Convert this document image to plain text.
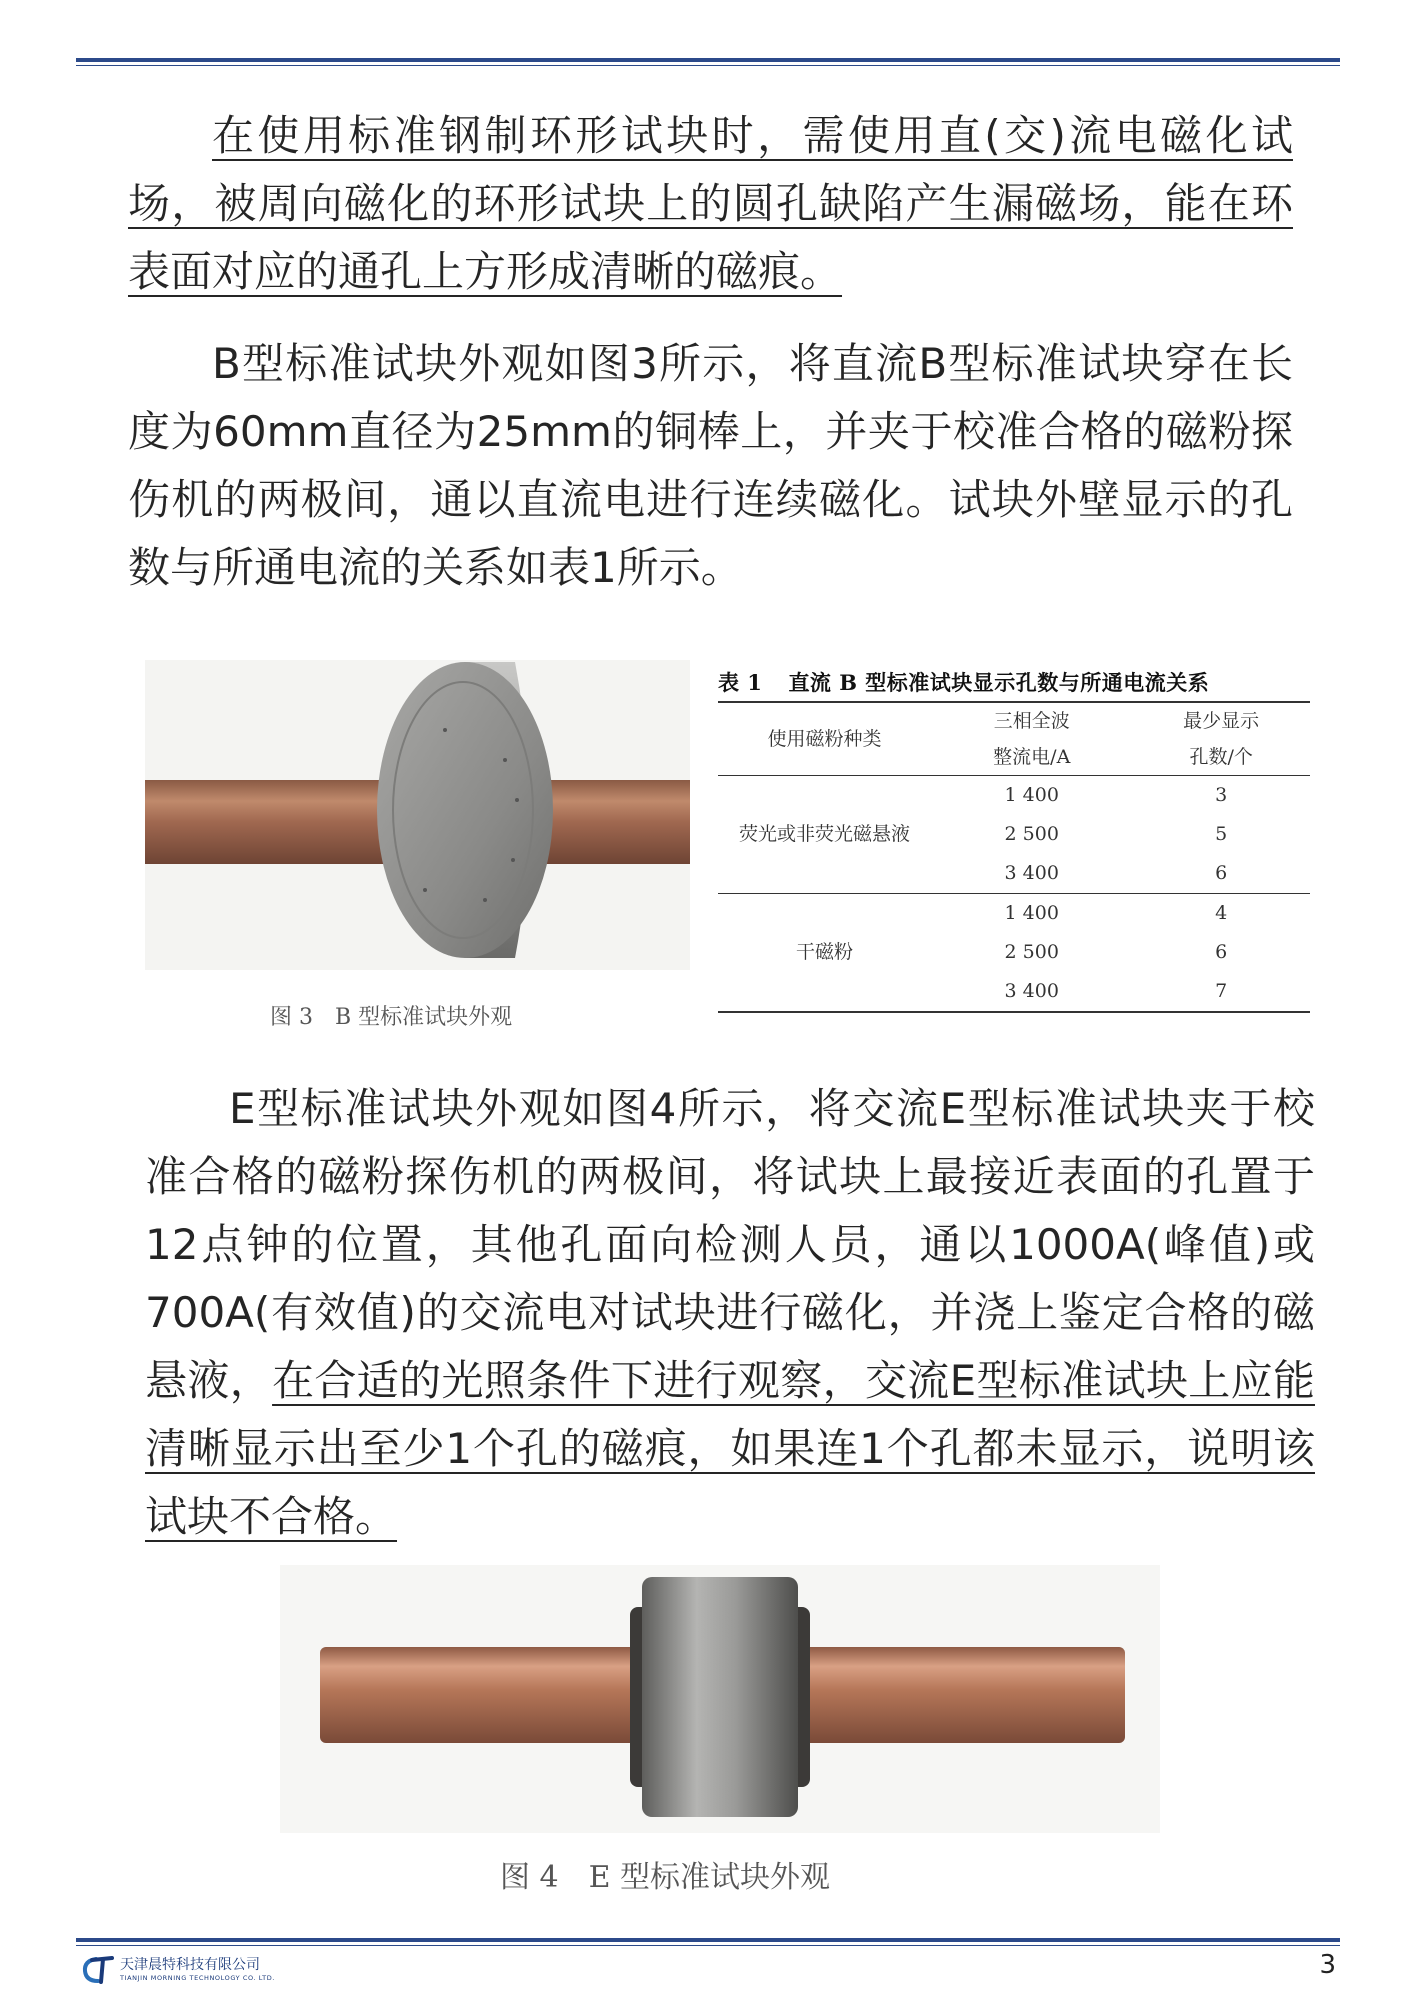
在使用标准钢制环形试块时，需使用直(交)流电磁化试场，被周向磁化的环形试块上的圆孔缺陷产生漏磁场，能在环表面对应的通孔上方形成清晰的磁痕。

B型标准试块外观如图3所示，将直流B型标准试块穿在长度为60mm直径为25mm的铜棒上，并夹于校准合格的磁粉探伤机的两极间，通以直流电进行连续磁化。试块外壁显示的孔数与所通电流的关系如表1所示。

图 3　B 型标准试块外观

表 1 直流 B 型标准试块显示孔数与所通电流关系
使用磁粉种类	三相全波	最少显示
	整流电/A	孔数/个
荧光或非荧光磁悬液	1 400	3
	2 500	5
	3 400	6
干磁粉	1 400	4
	2 500	6
	3 400	7

E型标准试块外观如图4所示，将交流E型标准试块夹于校准合格的磁粉探伤机的两极间，将试块上最接近表面的孔置于12点钟的位置，其他孔面向检测人员，通以1000A(峰值)或700A(有效值)的交流电对试块进行磁化，并浇上鉴定合格的磁悬液，在合适的光照条件下进行观察，交流E型标准试块上应能清晰显示出至少1个孔的磁痕，如果连1个孔都未显示，说明该试块不合格。

图 4　E 型标准试块外观

天津晨特科技有限公司
TIANJIN MORNING TECHNOLOGY CO. LTD.	3
